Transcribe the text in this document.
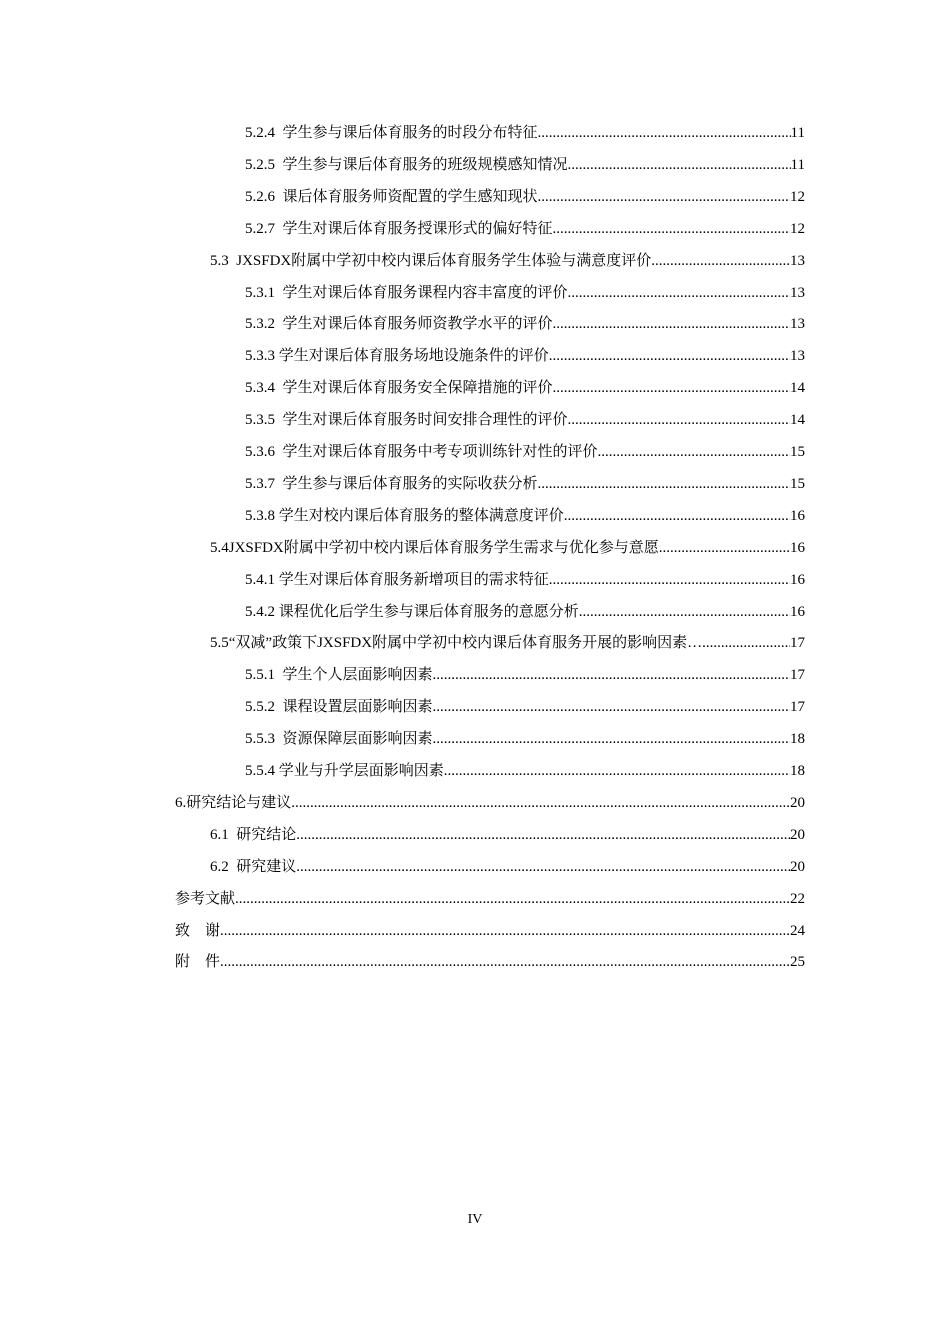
5.2.4  学生参与课后体育服务的时段分布特征 .....	11
5.2.5  学生参与课后体育服务的班级规模感知情况 .....	11
5.2.6  课后体育服务师资配置的学生感知现状 .....	12
5.2.7  学生对课后体育服务授课形式的偏好特征 .....	12
5.3  JXSFDX附属中学初中校内课后体育服务学生体验与满意度评价 .....	13
5.3.1  学生对课后体育服务课程内容丰富度的评价 .....	13
5.3.2  学生对课后体育服务师资教学水平的评价 .....	13
5.3.3 学生对课后体育服务场地设施条件的评价 .....	13
5.3.4  学生对课后体育服务安全保障措施的评价 .....	14
5.3.5  学生对课后体育服务时间安排合理性的评价 .....	14
5.3.6  学生对课后体育服务中考专项训练针对性的评价 .....	15
5.3.7  学生参与课后体育服务的实际收获分析 .....	15
5.3.8 学生对校内课后体育服务的整体满意度评价 .....	16
5.4JXSFDX附属中学初中校内课后体育服务学生需求与优化参与意愿 .....	16
5.4.1 学生对课后体育服务新增项目的需求特征 .....	16
5.4.2 课程优化后学生参与课后体育服务的意愿分析 .....	16
5.5“双减”政策下JXSFDX附属中学初中校内课后体育服务开展的影响因素… .....	17
5.5.1  学生个人层面影响因素 .....	17
5.5.2  课程设置层面影响因素 .....	17
5.5.3  资源保障层面影响因素 .....	18
5.5.4 学业与升学层面影响因素 .....	18
6.研究结论与建议 .....	20
6.1  研究结论 .....	20
6.2  研究建议 .....	20
参考文献 .....	22
致    谢 .....	24
附    件 .....	25
IV
